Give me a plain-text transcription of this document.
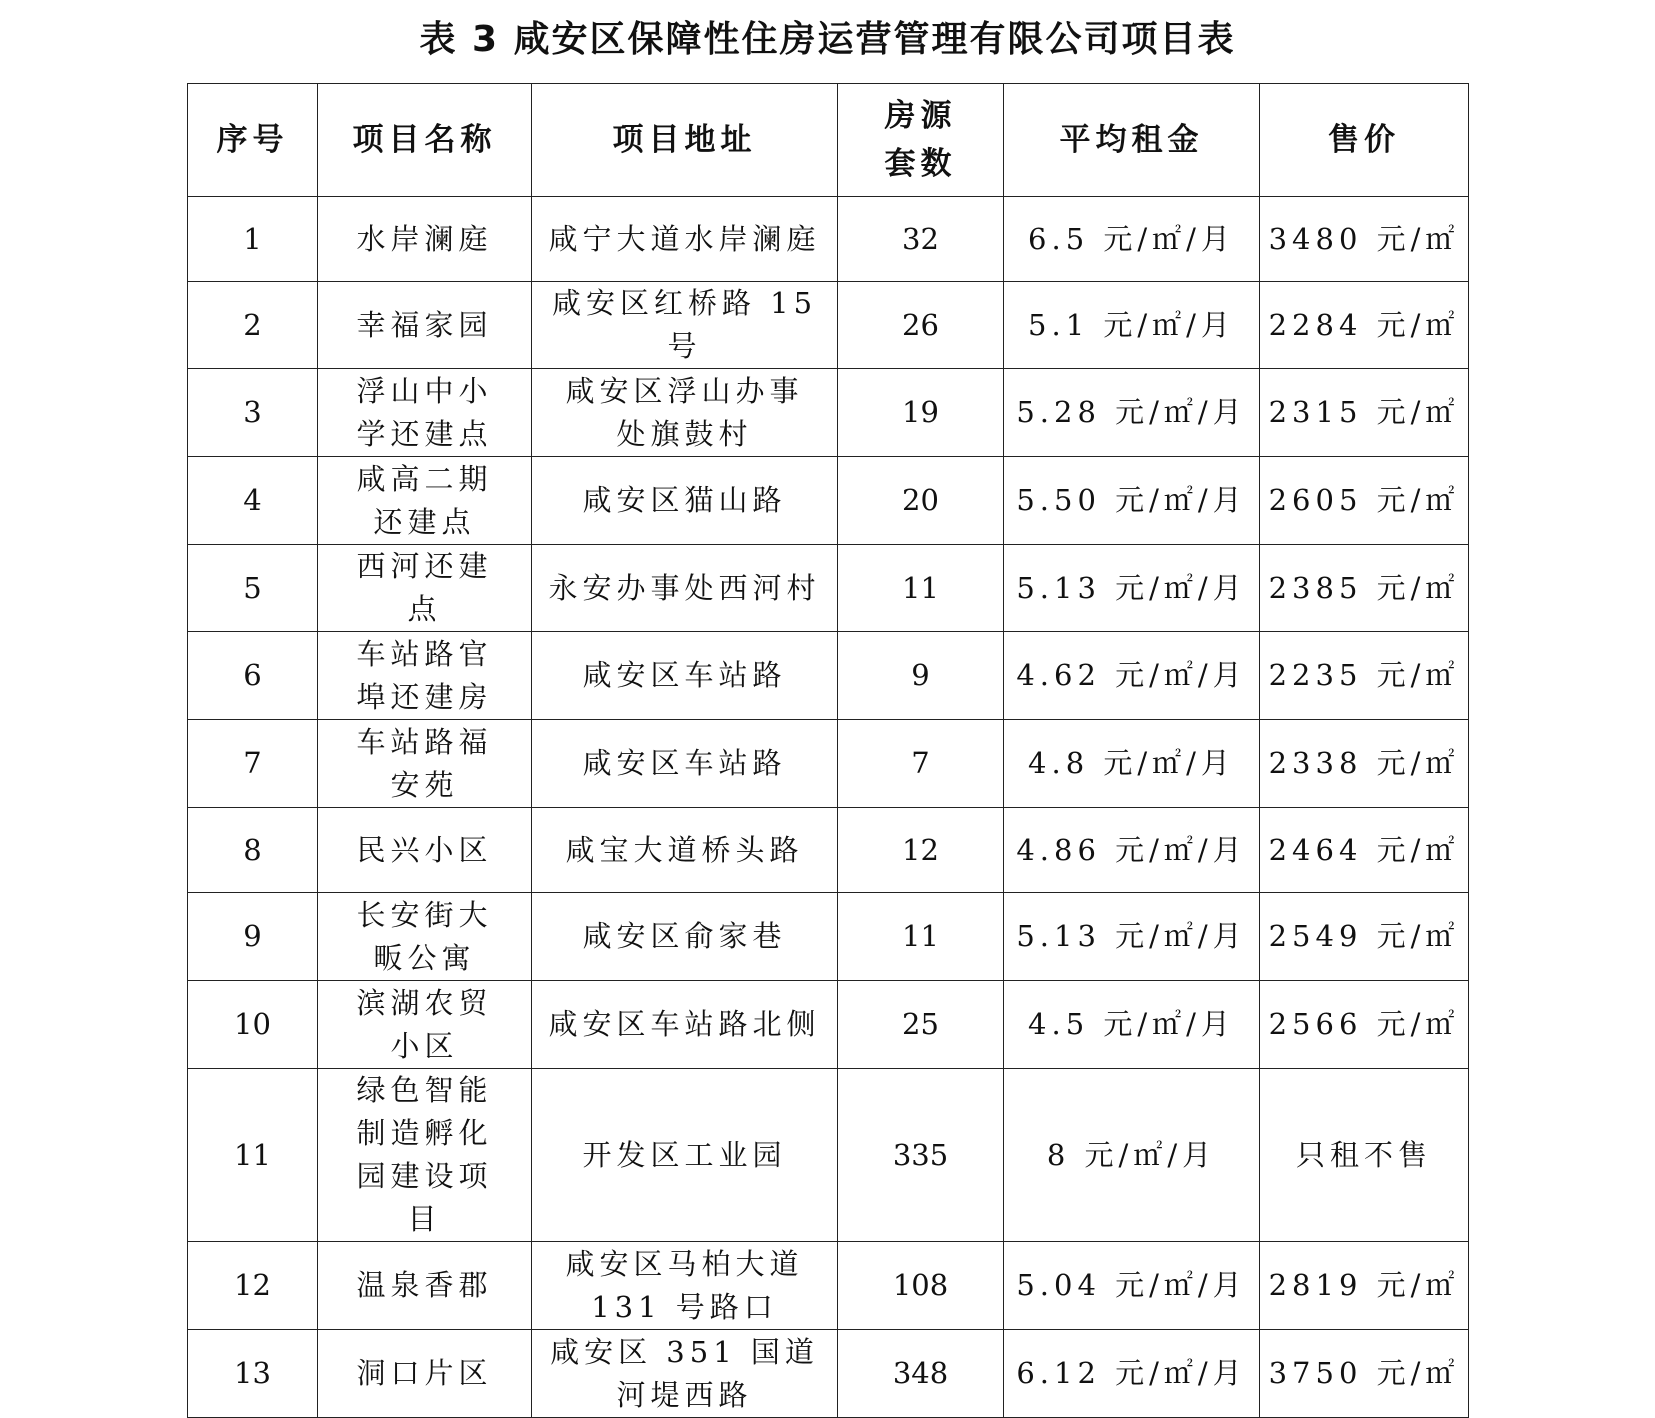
表 3 咸安区保障性住房运营管理有限公司项目表
序号	项目名称	项目地址	房源套数	平均租金	售价
1	水岸澜庭	咸宁大道水岸澜庭	32	6.5 元/㎡/月	3480 元/㎡
2	幸福家园	咸安区红桥路 15 号	26	5.1 元/㎡/月	2284 元/㎡
3	浮山中小学还建点	咸安区浮山办事处旗鼓村	19	5.28 元/㎡/月	2315 元/㎡
4	咸高二期还建点	咸安区猫山路	20	5.50 元/㎡/月	2605 元/㎡
5	西河还建点	永安办事处西河村	11	5.13 元/㎡/月	2385 元/㎡
6	车站路官埠还建房	咸安区车站路	9	4.62 元/㎡/月	2235 元/㎡
7	车站路福安苑	咸安区车站路	7	4.8 元/㎡/月	2338 元/㎡
8	民兴小区	咸宝大道桥头路	12	4.86 元/㎡/月	2464 元/㎡
9	长安街大畈公寓	咸安区俞家巷	11	5.13 元/㎡/月	2549 元/㎡
10	滨湖农贸小区	咸安区车站路北侧	25	4.5 元/㎡/月	2566 元/㎡
11	绿色智能制造孵化园建设项目	开发区工业园	335	8 元/㎡/月	只租不售
12	温泉香郡	咸安区马柏大道 131 号路口	108	5.04 元/㎡/月	2819 元/㎡
13	洞口片区	咸安区 351 国道河堤西路	348	6.12 元/㎡/月	3750 元/㎡
